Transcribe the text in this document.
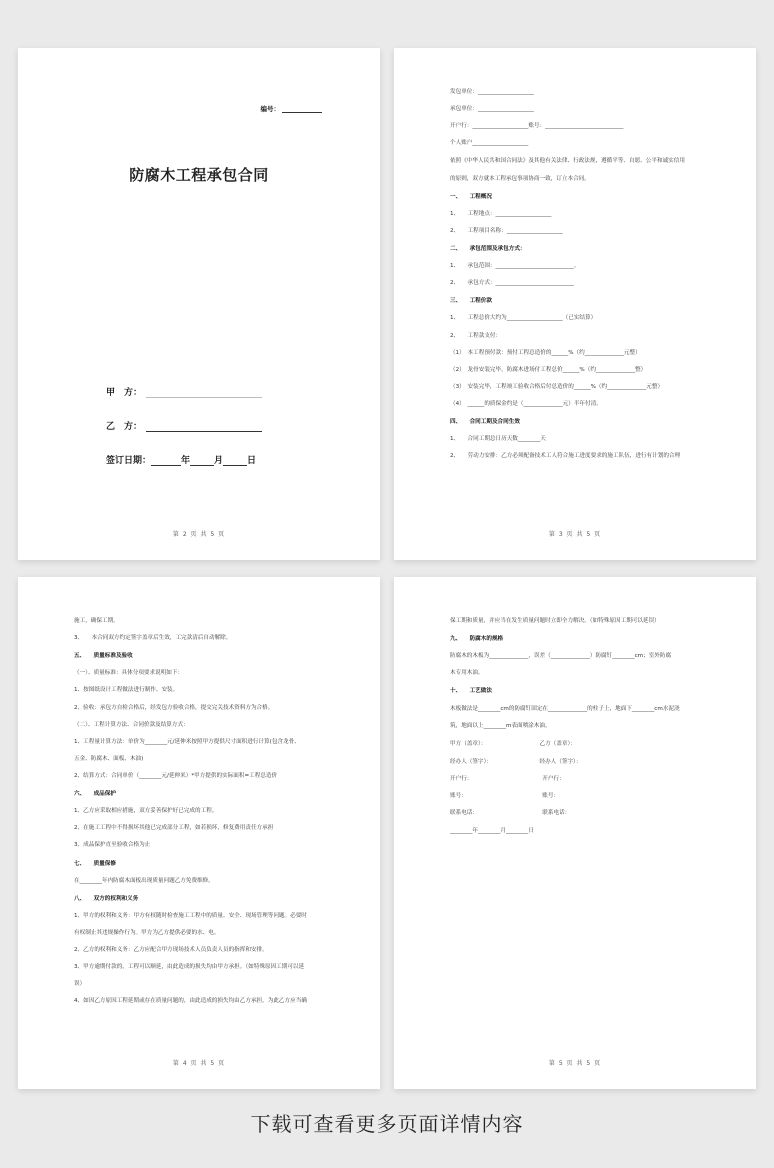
编号：
防腐木工程承包合同
甲　方：
乙　方：
签订日期：	年	月	日
第 2 页 共 5 页
发包单位：____________________
承包单位：____________________
开户行：____________________账号：____________________________
个人账户____________________
依照《中华人民共和国合同法》及其他有关法律、行政法规，遵循平等、自愿、公平和诚实信用
的原则，双方就本工程承包事项协商一致，订立本合同。
一、　　工程概况
1、　　工程地点：____________________
2、　　工程项目名称：____________________
二、　　承包范围及承包方式：
1、　　承包范围：____________________________。
2、　　承包方式：____________________________
三、　　工程价款
1、　　工程总价大约为____________________（已实结算）
2、　　工程款支付：
（1）　本工程预付款：预付工程总造价的______%（约______________元整）
（2）　龙骨安装完毕，防腐木进场付工程总价______%（约______________整）
（3）　安装完毕，工程竣工验收合格后付总造价的______%（约______________元整）
（4）　______的质保金约是（______________元）半年付清。
四、　　合同工期及合同生效
1、　　合同工期总日历天数________天
2、　　劳动力安排：乙方必须配备技术工人符合施工进度要求的施工队伍，进行有计划的合理
第 3 页 共 5 页
施工，确保工期。
3、　　本合同双方约定签字盖章后生效，工完款清后自动解除。
五、　　质量标准及验收
（一）、质量标准：具体分项要求说明如下：
1、按图纸设计工程做法进行制作、安装。
2、验收：承包方自检合格后，经发包方验收合格，提交完关技术资料方为合格。
（二）、工程计算方法、合同价款及结算方式：
1、工程量计算方法：单价为________元/延伸米按照甲方提供尺寸面积进行计算(包含龙骨、
五金、防腐木、面板、木油)
2、结算方式：合同单价（________元/延伸米）*甲方提供的实际面积=工程总造价
六、　　成品保护
1、乙方应采取相应措施，双方妥善保护好已完成的工程。
2、在施工工程中不得损坏其他已完成部分工程，如若损坏，修复费用责任方承担
3、成品保护直至验收合格为止
七、　　质量保修
在________年内防腐木面板出现质量问题乙方免费维修。
八、　　双方的权利和义务
1、甲方的权利和义务：甲方有权随时检查施工工程中的质量、安全、现场管理等问题。必要时
有权制止其违规操作行为。甲方为乙方提供必要的水、电。
2、乙方的权利和义务：乙方应配合甲方现场技术人员负责人员的指挥和安排。
3、甲方逾期付款的，工程可以顺延，由此造成的损失均由甲方承担。（如特殊原因工期可以延
误）
4、如因乙方原因工程延期或存在质量问题的，由此造成的损失均由乙方承担，为此乙方应当确
第 4 页 共 5 页
保工期和质量，并应当在发生质量问题时立即全力解决。（如特殊原因工期可以延误）
九、　　防腐木的规格
防腐木的木板为______________，误差（______________）防腐钉________cm；室外防腐
木专用木油。
十、　　工艺做法
木板做法是________cm的防腐钉固定在______________的柱子上，地面下________cm水泥浇
筑，地面以上________m表面喷涂木油。
甲方（盖章）：　　　　　　　　　　乙方（盖章）：
经办人（签字）：　　　　　　　　　经办人（签字）：
开户行：　　　　　　　　　　　　　开户行：
账号：　　　　　　　　　　　　　　账号：
联系电话：　　　　　　　　　　　　联系电话：
________年________月________日
第 5 页 共 5 页
下载可查看更多页面详情内容
